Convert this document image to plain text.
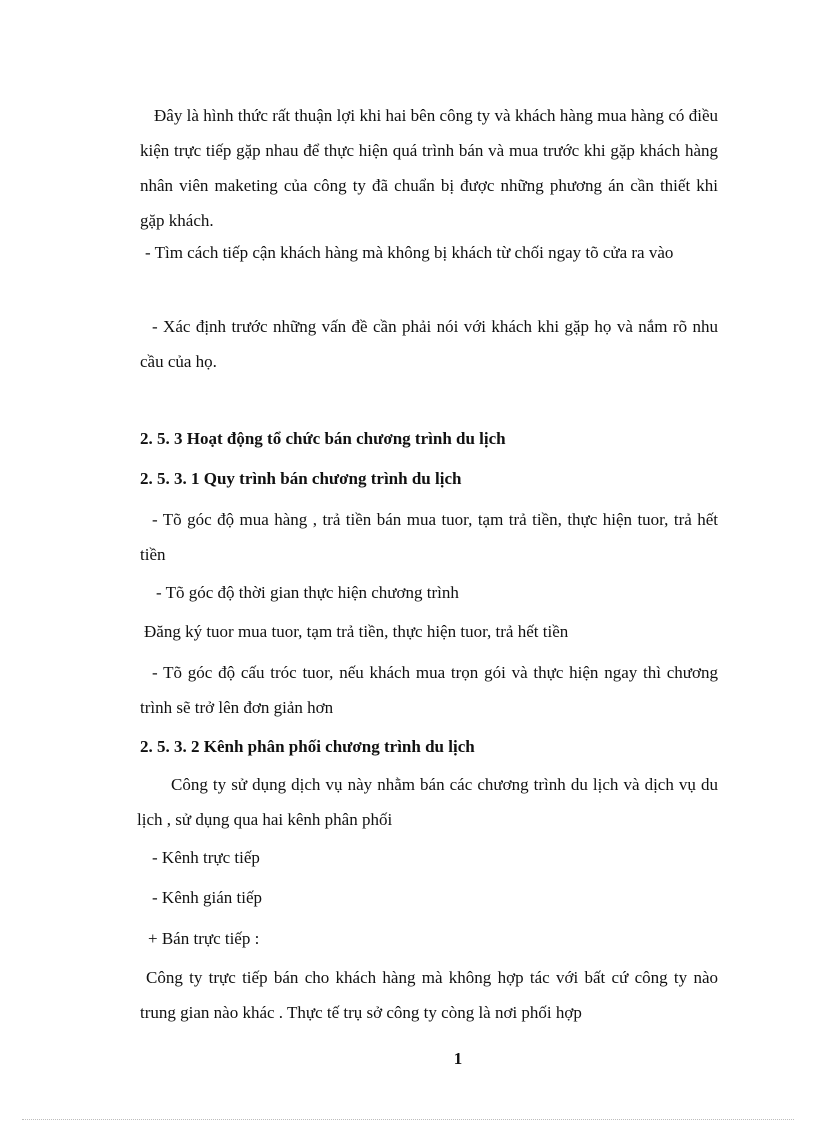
Đây là hình thức rất thuận lợi khi hai bên công ty và khách hàng mua hàng có điều kiện trực tiếp gặp nhau để thực hiện quá trình bán và mua trước khi gặp khách hàng nhân viên maketing của công ty đã chuẩn bị được những phương án cần thiết khi gặp khách.

- Tìm cách tiếp cận khách hàng mà không bị khách từ chối ngay tõ cửa ra vào

- Xác định trước những vấn đề cần phải nói với khách khi gặp họ và nắm rõ nhu cầu của họ.

2. 5. 3 Hoạt động tổ chức bán chương trình du lịch

2. 5. 3. 1 Quy trình bán chương trình du lịch

- Tõ góc độ mua hàng , trả tiền bán mua tuor, tạm trả tiền, thực hiện tuor, trả hết tiền

- Tõ góc độ thời gian thực hiện chương trình

Đăng ký tuor mua tuor, tạm trả tiền, thực hiện tuor, trả hết tiền

- Tõ góc độ cấu tróc tuor, nếu khách mua trọn gói và thực hiện ngay thì chương trình sẽ trở lên đơn giản hơn

2. 5. 3. 2 Kênh phân phối chương trình du lịch

Công ty sử dụng dịch vụ này nhằm bán các chương trình du lịch và dịch vụ du lịch , sử dụng qua hai kênh phân phối

- Kênh trực tiếp

- Kênh gián tiếp

+ Bán trực tiếp :

Công ty trực tiếp bán cho khách hàng mà không hợp tác với bất cứ công ty nào trung gian nào khác . Thực tế trụ sở công ty còng là nơi phối hợp

1
